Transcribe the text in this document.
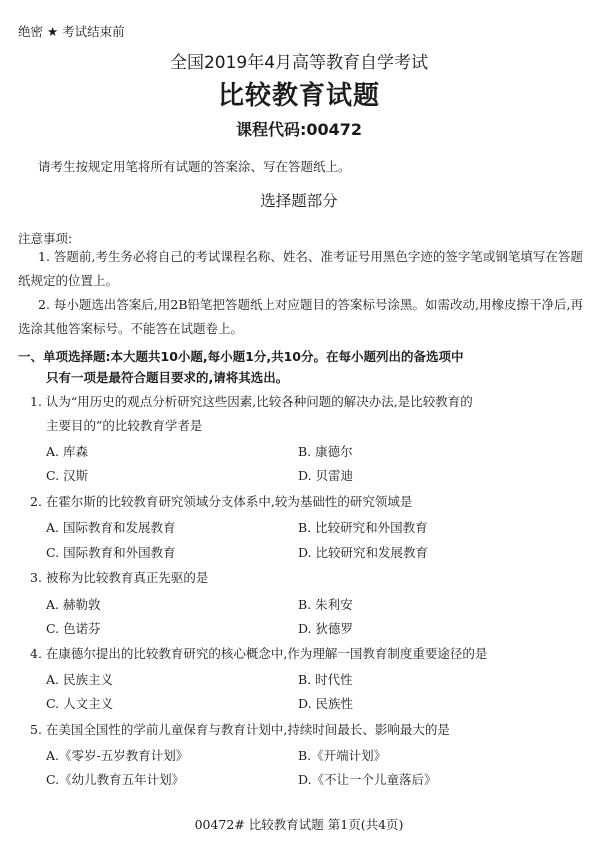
绝密 ★ 考试结束前
全国2019年4月高等教育自学考试
比较教育试题
课程代码:00472
请考生按规定用笔将所有试题的答案涂、写在答题纸上。
选择题部分
注意事项:
1. 答题前,考生务必将自己的考试课程名称、姓名、准考证号用黑色字迹的签字笔或钢笔填写在答题纸规定的位置上。
2. 每小题选出答案后,用2B铅笔把答题纸上对应题目的答案标号涂黑。如需改动,用橡皮擦干净后,再选涂其他答案标号。不能答在试题卷上。
一、单项选择题:本大题共10小题,每小题1分,共10分。在每小题列出的备选项中
只有一项是最符合题目要求的,请将其选出。
1. 认为“用历史的观点分析研究这些因素,比较各种问题的解决办法,是比较教育的
主要目的”的比较教育学者是
A. 库森	B. 康德尔
C. 汉斯	D. 贝雷迪
2. 在霍尔斯的比较教育研究领域分支体系中,较为基础性的研究领域是
A. 国际教育和发展教育	B. 比较研究和外国教育
C. 国际教育和外国教育	D. 比较研究和发展教育
3. 被称为比较教育真正先驱的是
A. 赫勒敦	B. 朱利安
C. 色诺芬	D. 狄德罗
4. 在康德尔提出的比较教育研究的核心概念中,作为理解一国教育制度重要途径的是
A. 民族主义	B. 时代性
C. 人文主义	D. 民族性
5. 在美国全国性的学前儿童保育与教育计划中,持续时间最长、影响最大的是
A.《零岁-五岁教育计划》	B.《开端计划》
C.《幼儿教育五年计划》	D.《不让一个儿童落后》
00472# 比较教育试题 第1页(共4页)
